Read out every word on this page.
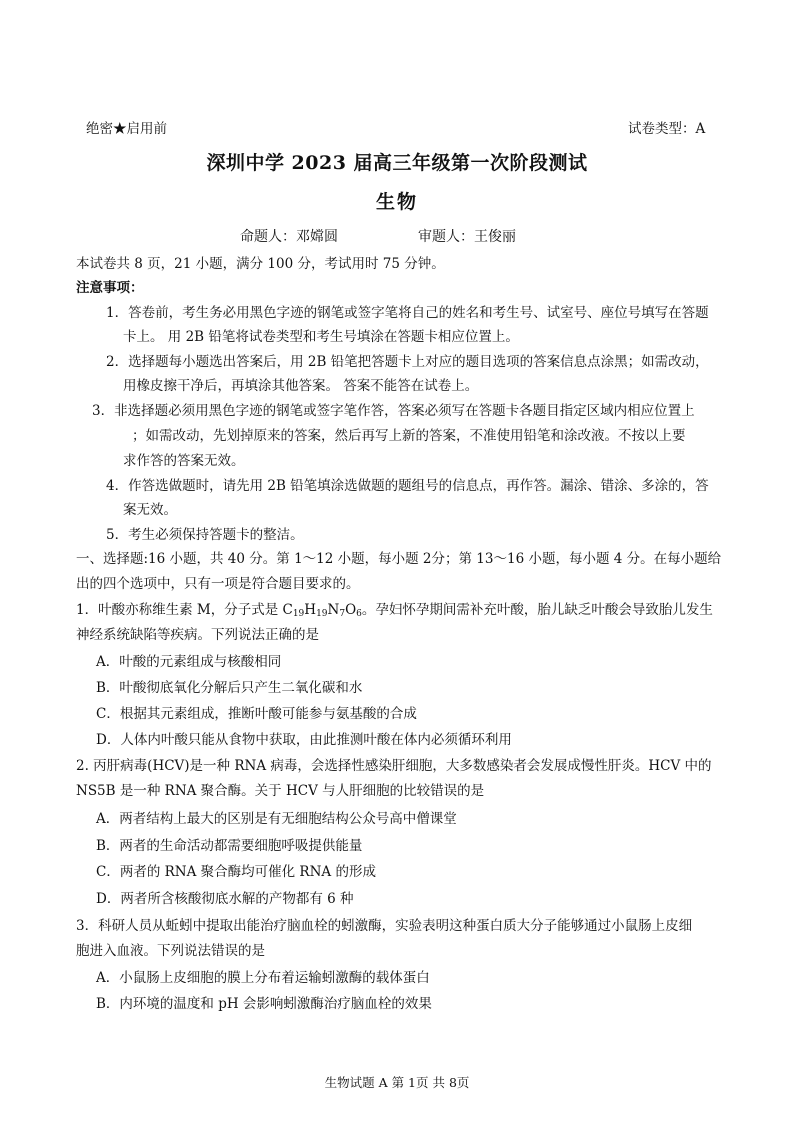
绝密★启用前	试卷类型：A
深圳中学 2023 届高三年级第一次阶段测试
生物
命题人：邓嫦圆	审题人：王俊丽
本试卷共 8 页，21 小题，满分 100 分，考试用时 75 分钟。
注意事项：
1．答卷前，考生务必用黑色字迹的钢笔或签字笔将自己的姓名和考生号、试室号、座位号填写在答题
卡上。 用 2B 铅笔将试卷类型和考生号填涂在答题卡相应位置上。
2．选择题每小题选出答案后，用 2B 铅笔把答题卡上对应的题目选项的答案信息点涂黑；如需改动，
用橡皮擦干净后，再填涂其他答案。 答案不能答在试卷上。
3．非选择题必须用黑色字迹的钢笔或签字笔作答，答案必须写在答题卡各题目指定区域内相应位置上
；如需改动，先划掉原来的答案，然后再写上新的答案，不准使用铅笔和涂改液。不按以上要
求作答的答案无效。
4．作答选做题时，请先用 2B 铅笔填涂选做题的题组号的信息点，再作答。漏涂、错涂、多涂的，答
案无效。
5．考生必须保持答题卡的整洁。
一、选择题:16 小题，共 40 分。第 1～12 小题，每小题 2分；第 13～16 小题，每小题 4 分。在每小题给
出的四个选项中，只有一项是符合题目要求的。
1．叶酸亦称维生素 M，分子式是 $C_{19}H_{19}N_7O_6$。孕妇怀孕期间需补充叶酸，胎儿缺乏叶酸会导致胎儿发生
神经系统缺陷等疾病。下列说法正确的是
A．叶酸的元素组成与核酸相同
B．叶酸彻底氧化分解后只产生二氧化碳和水
C．根据其元素组成，推断叶酸可能参与氨基酸的合成
D．人体内叶酸只能从食物中获取，由此推测叶酸在体内必须循环利用
2. 丙肝病毒(HCV)是一种 RNA 病毒，会选择性感染肝细胞，大多数感染者会发展成慢性肝炎。HCV 中的
NS5B 是一种 RNA 聚合酶。关于 HCV 与人肝细胞的比较错误的是
A．两者结构上最大的区别是有无细胞结构公众号高中僧课堂
B．两者的生命活动都需要细胞呼吸提供能量
C．两者的 RNA 聚合酶均可催化 RNA 的形成
D．两者所含核酸彻底水解的产物都有 6 种
3．科研人员从蚯蚓中提取出能治疗脑血栓的蚓激酶，实验表明这种蛋白质大分子能够通过小鼠肠上皮细
胞进入血液。下列说法错误的是
A．小鼠肠上皮细胞的膜上分布着运输蚓激酶的载体蛋白
B．内环境的温度和 pH 会影响蚓激酶治疗脑血栓的效果
生物试题 A 第 1页 共 8页
